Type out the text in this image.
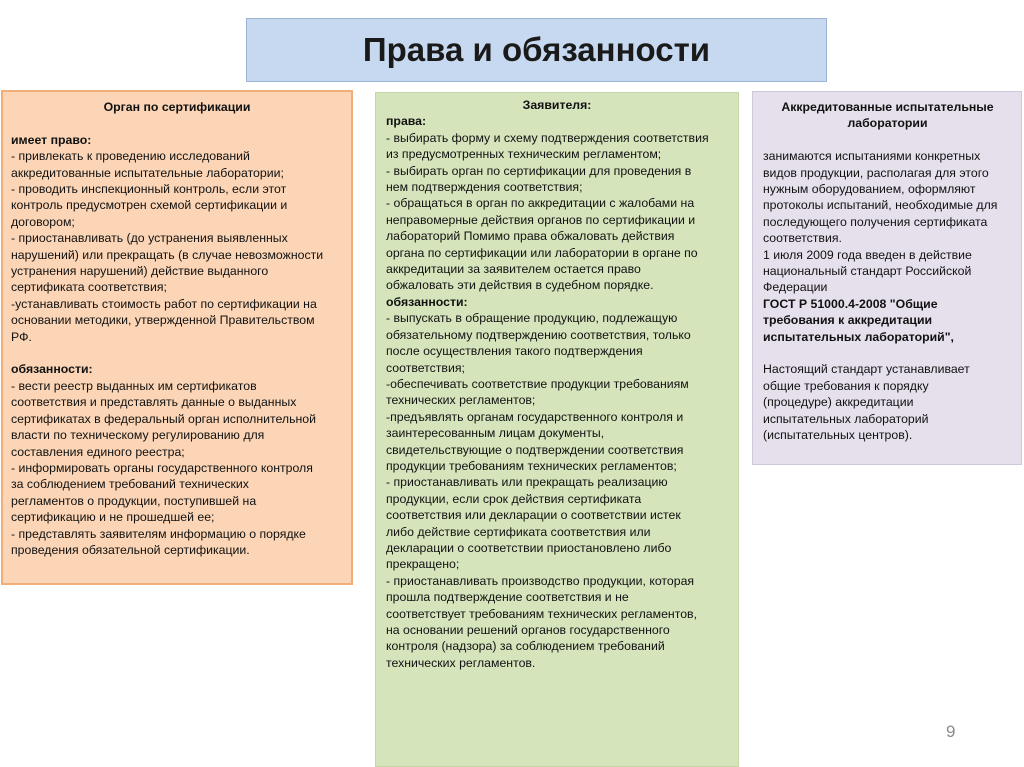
Права и обязанности
Орган по сертификации
имеет право:
- привлекать к проведению исследований
аккредитованные испытательные лаборатории;
- проводить инспекционный контроль, если этот
контроль предусмотрен схемой сертификации и
договором;
- приостанавливать (до устранения выявленных
нарушений) или прекращать (в случае невозможности
устранения нарушений) действие выданного
сертификата соответствия;
-устанавливать стоимость работ по сертификации на
основании методики, утвержденной Правительством
РФ.
обязанности:
- вести реестр выданных им сертификатов
соответствия и представлять данные о выданных
сертификатах в федеральный орган исполнительной
власти по техническому регулированию для
составления единого реестра;
- информировать органы государственного контроля
за соблюдением требований технических
регламентов о продукции, поступившей на
сертификацию и не прошедшей ее;
- представлять заявителям информацию о порядке
проведения обязательной сертификации.
Заявителя:
права:
- выбирать форму и схему подтверждения соответствия
из предусмотренных техническим регламентом;
- выбирать орган по сертификации для проведения в
нем подтверждения соответствия;
- обращаться в орган по аккредитации с жалобами на
неправомерные действия органов по сертификации и
лабораторий Помимо права обжаловать действия
органа по сертификации или лаборатории в органе по
аккредитации за заявителем остается право
обжаловать эти действия в судебном порядке.
обязанности:
- выпускать в обращение продукцию, подлежащую
обязательному подтверждению соответствия, только
после осуществления такого подтверждения
соответствия;
-обеспечивать соответствие продукции требованиям
технических регламентов;
-предъявлять органам государственного контроля и
заинтересованным лицам документы,
свидетельствующие о подтверждении соответствия
продукции требованиям технических регламентов;
- приостанавливать или прекращать реализацию
продукции, если срок действия сертификата
соответствия или декларации о соответствии истек
либо действие сертификата соответствия или
декларации о соответствии приостановлено либо
прекращено;
- приостанавливать производство продукции, которая
прошла подтверждение соответствия и не
соответствует требованиям технических регламентов,
на основании решений органов государственного
контроля (надзора) за соблюдением требований
технических регламентов.
Аккредитованные испытательные
лаборатории
занимаются испытаниями конкретных
видов продукции, располагая для этого
нужным оборудованием, оформляют
протоколы испытаний, необходимые для
последующего получения сертификата
соответствия.
1 июля 2009 года введен в действие
национальный стандарт Российской
Федерации
ГОСТ Р 51000.4-2008 "Общие
требования к аккредитации
испытательных лабораторий",
Настоящий стандарт устанавливает
общие требования к порядку
(процедуре) аккредитации
испытательных лабораторий
(испытательных центров).
9
